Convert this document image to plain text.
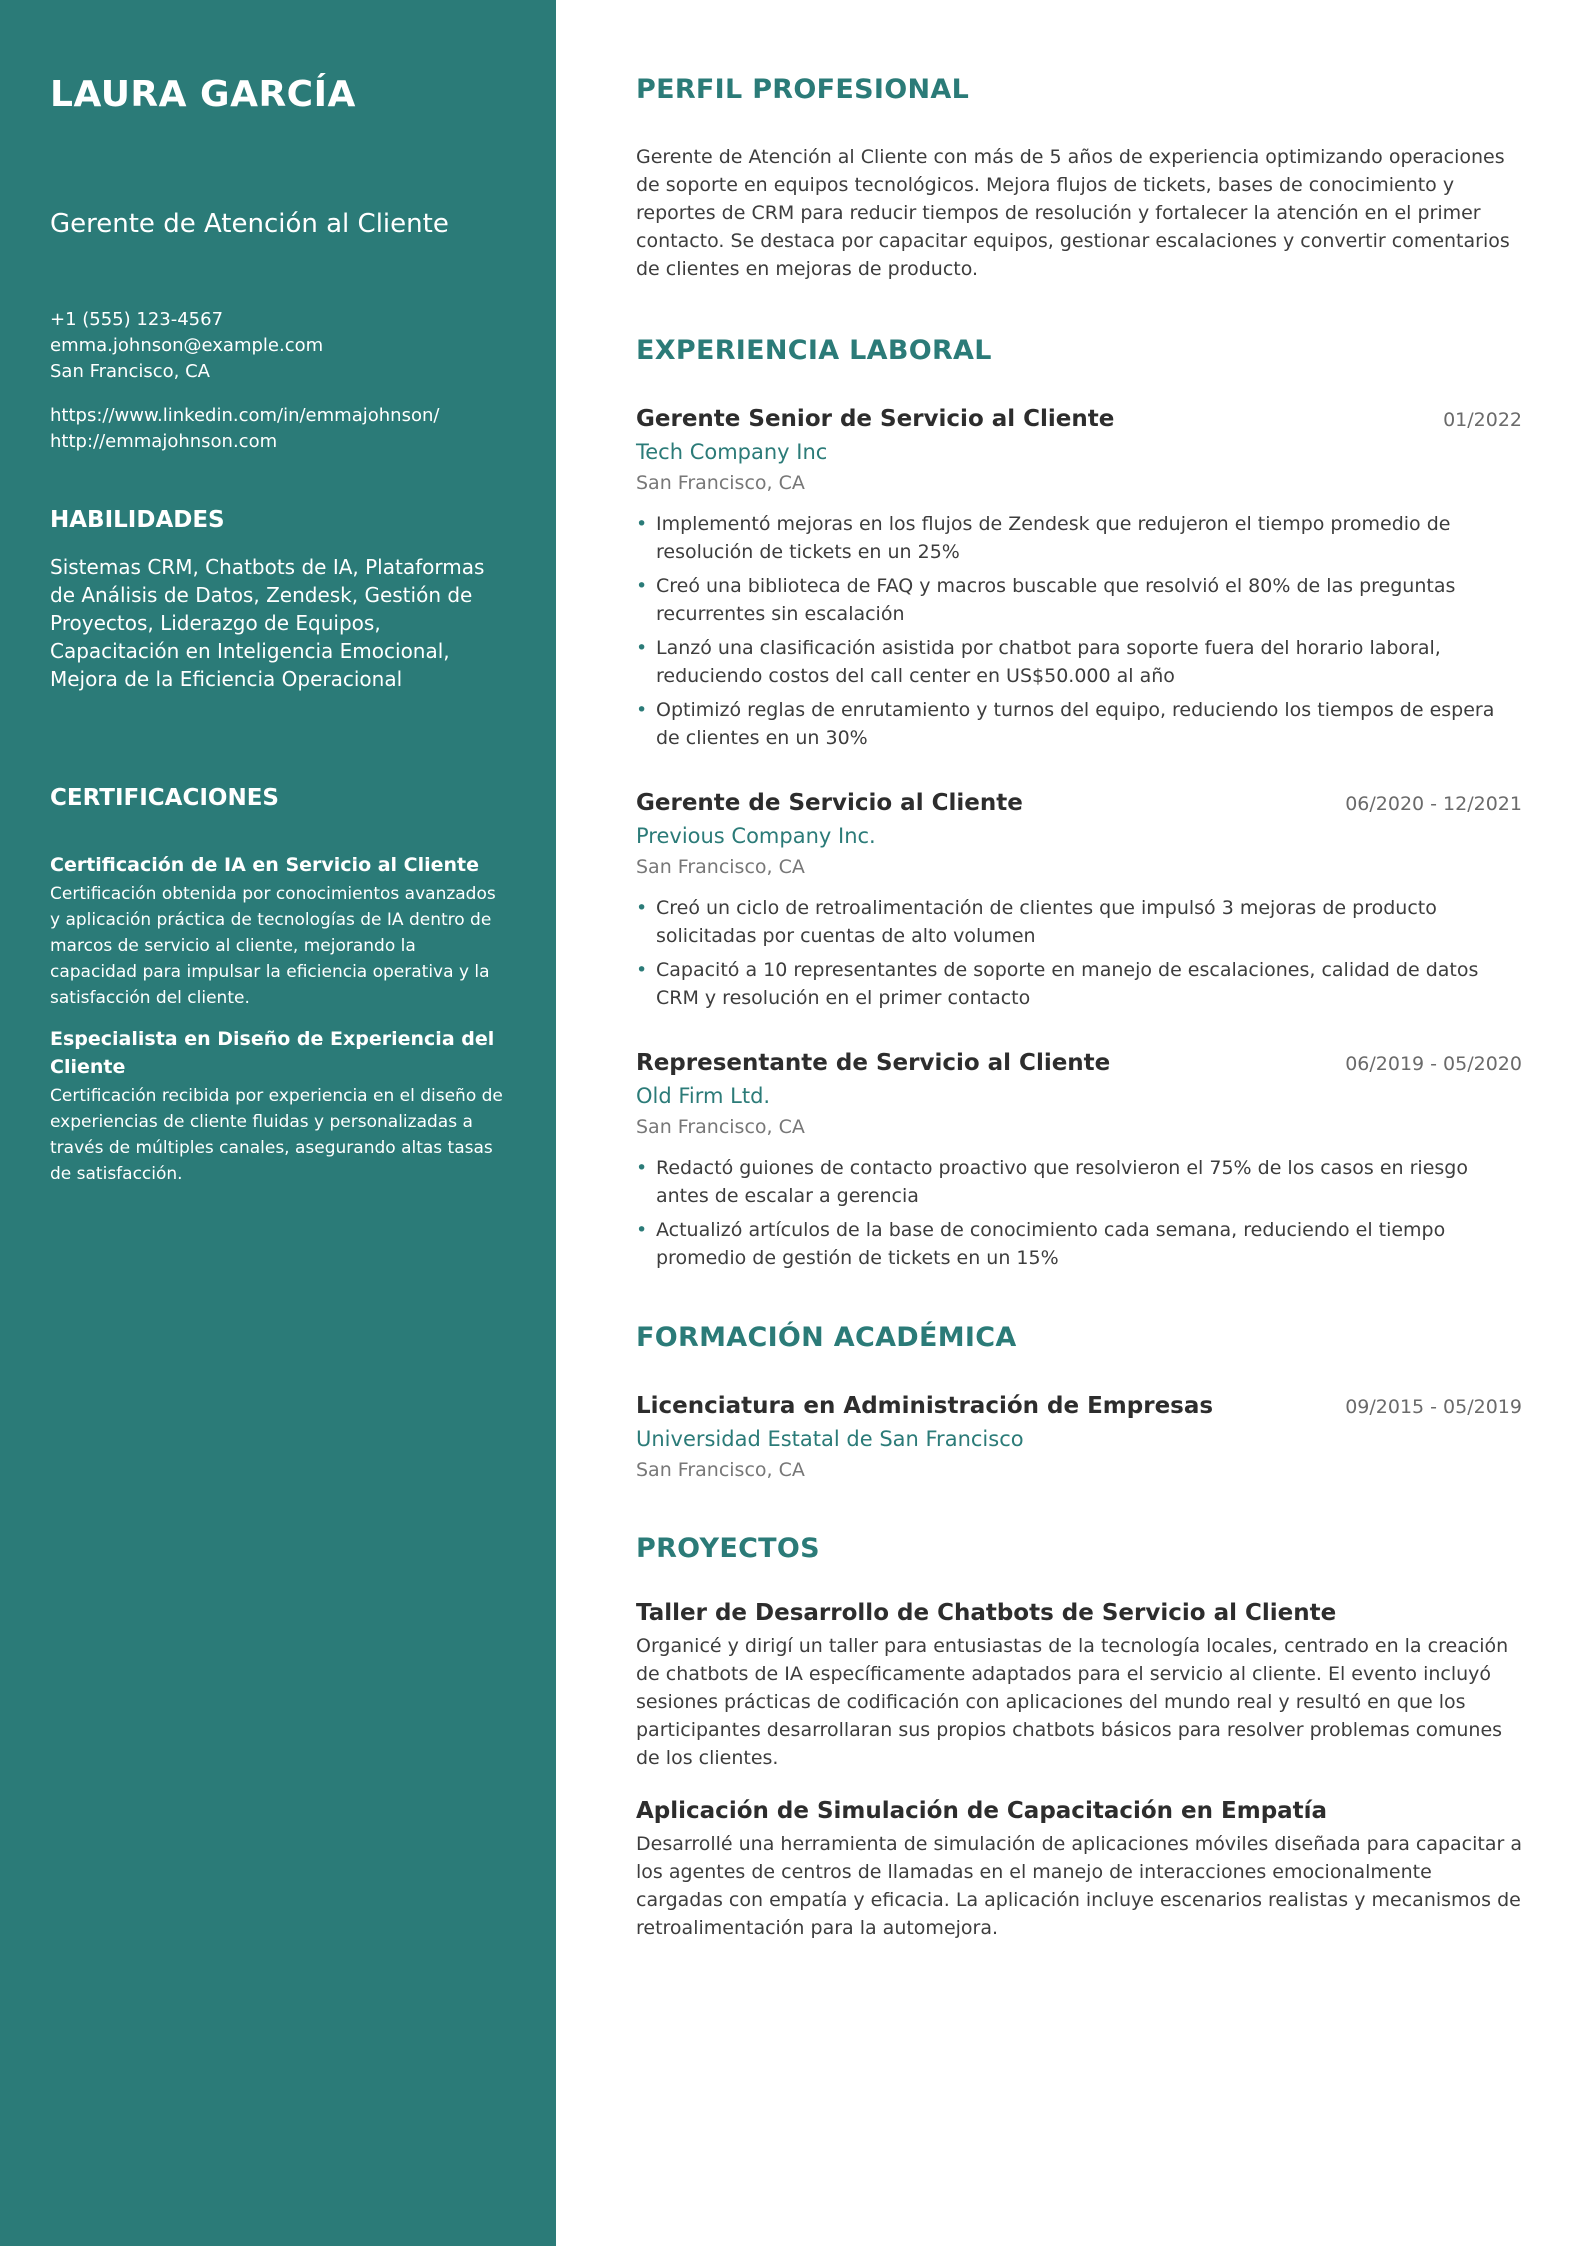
LAURA GARCÍA
Gerente de Atención al Cliente
+1 (555) 123-4567
emma.johnson@example.com
San Francisco, CA
https://www.linkedin.com/in/emmajohnson/
http://emmajohnson.com
HABILIDADES

Sistemas CRM, Chatbots de IA, Plataformas de Análisis de Datos, Zendesk, Gestión de Proyectos, Liderazgo de Equipos, Capacitación en Inteligencia Emocional, Mejora de la Eficiencia Operacional

CERTIFICACIONES
Certificación de IA en Servicio al Cliente
Certificación obtenida por conocimientos avanzados y aplicación práctica de tecnologías de IA dentro de marcos de servicio al cliente, mejorando la capacidad para impulsar la eficiencia operativa y la satisfacción del cliente.
Especialista en Diseño de Experiencia del Cliente
Certificación recibida por experiencia en el diseño de experiencias de cliente fluidas y personalizadas a través de múltiples canales, asegurando altas tasas de satisfacción.
PERFIL PROFESIONAL

Gerente de Atención al Cliente con más de 5 años de experiencia optimizando operaciones de soporte en equipos tecnológicos. Mejora flujos de tickets, bases de conocimiento y reportes de CRM para reducir tiempos de resolución y fortalecer la atención en el primer contacto. Se destaca por capacitar equipos, gestionar escalaciones y convertir comentarios de clientes en mejoras de producto.

EXPERIENCIA LABORAL
Gerente Senior de Servicio al Cliente	01/2022
Tech Company Inc
San Francisco, CA
• Implementó mejoras en los flujos de Zendesk que redujeron el tiempo promedio de resolución de tickets en un 25%
• Creó una biblioteca de FAQ y macros buscable que resolvió el 80% de las preguntas recurrentes sin escalación
• Lanzó una clasificación asistida por chatbot para soporte fuera del horario laboral, reduciendo costos del call center en US$50.000 al año
• Optimizó reglas de enrutamiento y turnos del equipo, reduciendo los tiempos de espera de clientes en un 30%
Gerente de Servicio al Cliente	06/2020 - 12/2021
Previous Company Inc.
San Francisco, CA
• Creó un ciclo de retroalimentación de clientes que impulsó 3 mejoras de producto solicitadas por cuentas de alto volumen
• Capacitó a 10 representantes de soporte en manejo de escalaciones, calidad de datos CRM y resolución en el primer contacto
Representante de Servicio al Cliente	06/2019 - 05/2020
Old Firm Ltd.
San Francisco, CA
• Redactó guiones de contacto proactivo que resolvieron el 75% de los casos en riesgo antes de escalar a gerencia
• Actualizó artículos de la base de conocimiento cada semana, reduciendo el tiempo promedio de gestión de tickets en un 15%
FORMACIÓN ACADÉMICA
Licenciatura en Administración de Empresas	09/2015 - 05/2019
Universidad Estatal de San Francisco
San Francisco, CA
PROYECTOS
Taller de Desarrollo de Chatbots de Servicio al Cliente

Organicé y dirigí un taller para entusiastas de la tecnología locales, centrado en la creación de chatbots de IA específicamente adaptados para el servicio al cliente. El evento incluyó sesiones prácticas de codificación con aplicaciones del mundo real y resultó en que los participantes desarrollaran sus propios chatbots básicos para resolver problemas comunes de los clientes.

Aplicación de Simulación de Capacitación en Empatía

Desarrollé una herramienta de simulación de aplicaciones móviles diseñada para capacitar a los agentes de centros de llamadas en el manejo de interacciones emocionalmente cargadas con empatía y eficacia. La aplicación incluye escenarios realistas y mecanismos de retroalimentación para la automejora.
